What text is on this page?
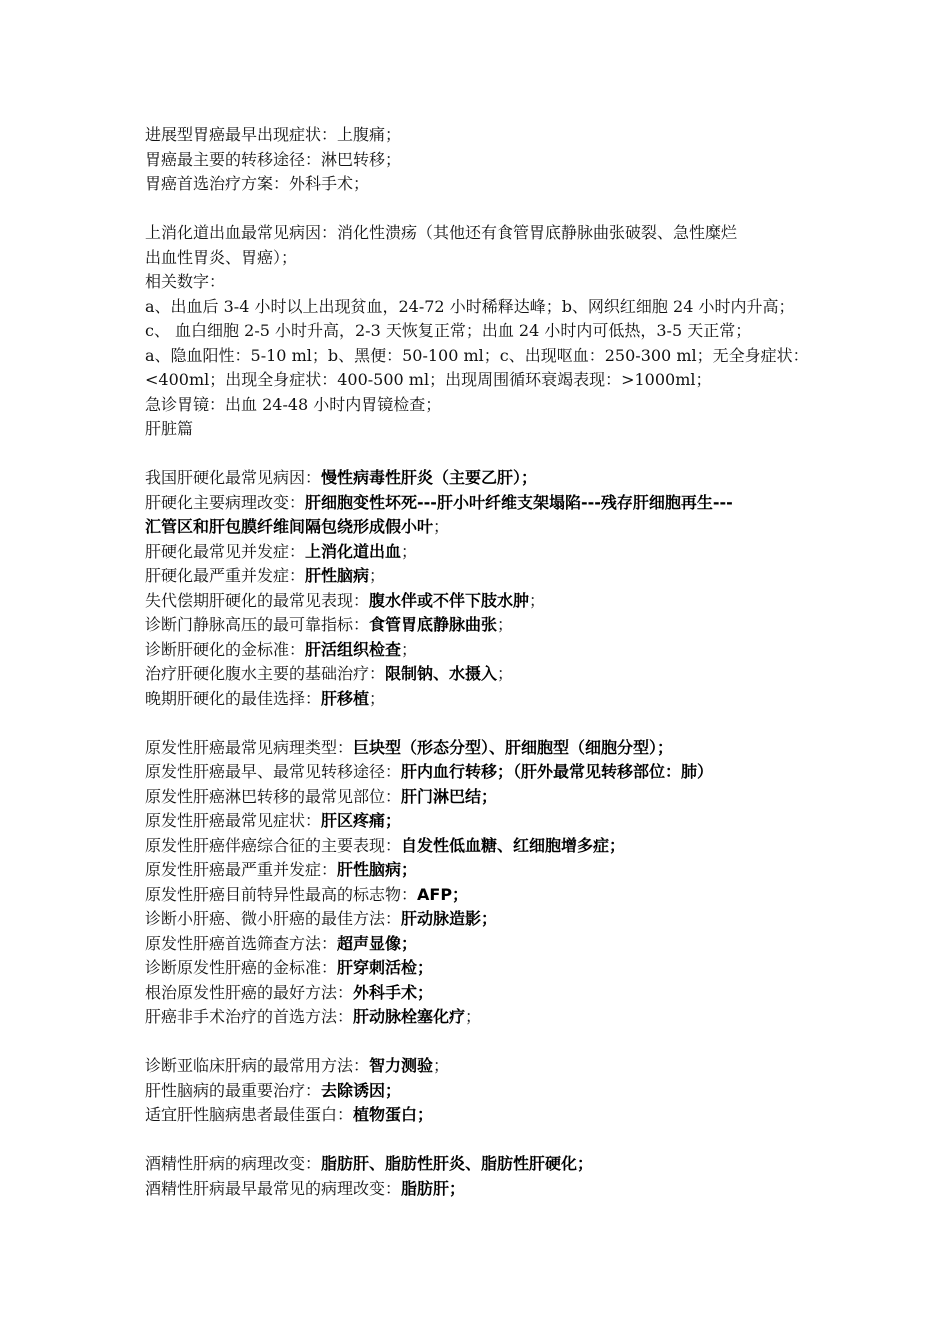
进展型胃癌最早出现症状：上腹痛；
胃癌最主要的转移途径：淋巴转移；
胃癌首选治疗方案：外科手术；
上消化道出血最常见病因：消化性溃疡（其他还有食管胃底静脉曲张破裂、急性糜烂
出血性胃炎、胃癌）；
相关数字：
a、出血后 3-4 小时以上出现贫血，24-72 小时稀释达峰；b、网织红细胞 24 小时内升高；
c、 血白细胞 2-5 小时升高，2-3 天恢复正常；出血 24 小时内可低热，3-5 天正常；
a、隐血阳性：5-10 ml；b、黑便：50-100 ml；c、出现呕血：250-300 ml；无全身症状：
<400ml；出现全身症状：400-500 ml；出现周围循环衰竭表现：>1000ml；
急诊胃镜：出血 24-48 小时内胃镜检查；
肝脏篇
我国肝硬化最常见病因：慢性病毒性肝炎（主要乙肝）；
肝硬化主要病理改变：肝细胞变性坏死---肝小叶纤维支架塌陷---残存肝细胞再生---
汇管区和肝包膜纤维间隔包绕形成假小叶；
肝硬化最常见并发症：上消化道出血；
肝硬化最严重并发症：肝性脑病；
失代偿期肝硬化的最常见表现：腹水伴或不伴下肢水肿；
诊断门静脉高压的最可靠指标：食管胃底静脉曲张；
诊断肝硬化的金标准：肝活组织检查；
治疗肝硬化腹水主要的基础治疗：限制钠、水摄入；
晚期肝硬化的最佳选择：肝移植；
原发性肝癌最常见病理类型：巨块型（形态分型）、肝细胞型（细胞分型）；
原发性肝癌最早、最常见转移途径：肝内血行转移；（肝外最常见转移部位：肺）
原发性肝癌淋巴转移的最常见部位：肝门淋巴结；
原发性肝癌最常见症状：肝区疼痛；
原发性肝癌伴癌综合征的主要表现：自发性低血糖、红细胞增多症；
原发性肝癌最严重并发症：肝性脑病；
原发性肝癌目前特异性最高的标志物：AFP；
诊断小肝癌、微小肝癌的最佳方法：肝动脉造影；
原发性肝癌首选筛查方法：超声显像；
诊断原发性肝癌的金标准：肝穿刺活检；
根治原发性肝癌的最好方法：外科手术；
肝癌非手术治疗的首选方法：肝动脉栓塞化疗；
诊断亚临床肝病的最常用方法：智力测验；
肝性脑病的最重要治疗：去除诱因；
适宜肝性脑病患者最佳蛋白：植物蛋白；
酒精性肝病的病理改变：脂肪肝、脂肪性肝炎、脂肪性肝硬化；
酒精性肝病最早最常见的病理改变：脂肪肝；
